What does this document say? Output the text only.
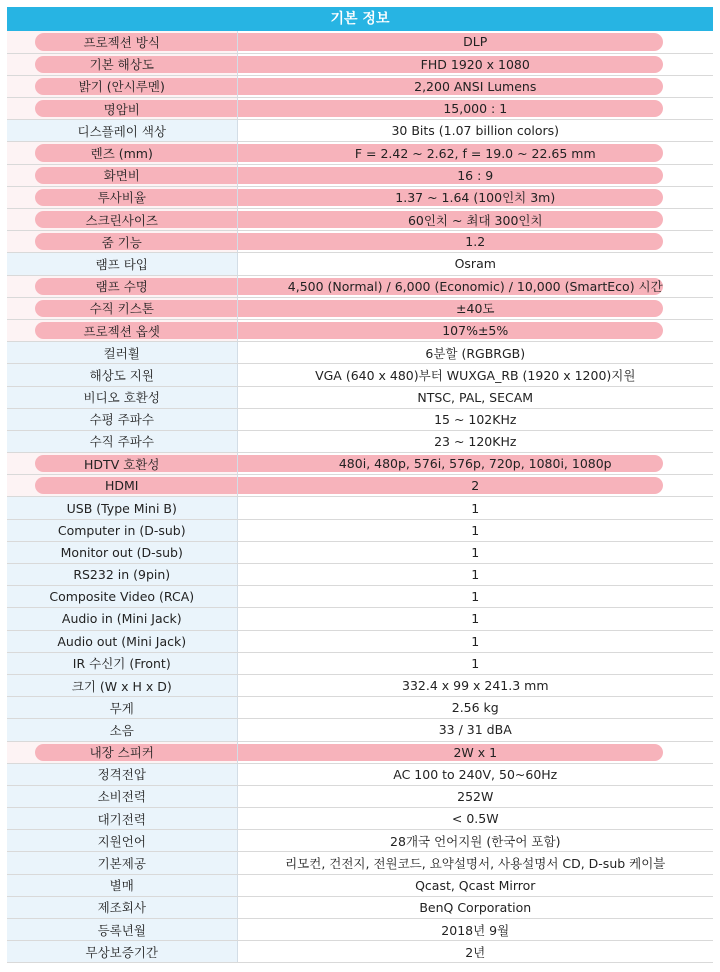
기본 정보
프로젝션 방식	DLP

기본 해상도	FHD 1920 x 1080

밝기 (안시루멘)	2,200 ANSI Lumens

명암비	15,000 : 1
디스플레이 색상	30 Bits (1.07 billion colors)

렌즈 (mm)	F = 2.42 ~ 2.62, f = 19.0 ~ 22.65 mm

화면비	16 : 9

투사비율	1.37 ~ 1.64 (100인치 3m)

스크린사이즈	60인치 ~ 최대 300인치

줌 기능	1.2
램프 타입	Osram

램프 수명	4,500 (Normal) / 6,000 (Economic) / 10,000 (SmartEco) 시간

수직 키스톤	±40도

프로젝션 옵셋	107%±5%
컬러휠	6분할 (RGBRGB)
해상도 지원	VGA (640 x 480)부터 WUXGA_RB (1920 x 1200)지원
비디오 호환성	NTSC, PAL, SECAM
수평 주파수	15 ~ 102KHz
수직 주파수	23 ~ 120KHz

HDTV 호환성	480i, 480p, 576i, 576p, 720p, 1080i, 1080p

HDMI	2
USB (Type Mini B)	1
Computer in (D-sub)	1
Monitor out (D-sub)	1
RS232 in (9pin)	1
Composite Video (RCA)	1
Audio in (Mini Jack)	1
Audio out (Mini Jack)	1
IR 수신기 (Front)	1
크기 (W x H x D)	332.4 x 99 x 241.3 mm
무게	2.56 kg
소음	33 / 31 dBA

내장 스피커	2W x 1
정격전압	AC 100 to 240V, 50~60Hz
소비전력	252W
대기전력	< 0.5W
지원언어	28개국 언어지원 (한국어 포함)
기본제공	리모컨, 건전지, 전원코드, 요약설명서, 사용설명서 CD, D-sub 케이블
별매	Qcast, Qcast Mirror
제조회사	BenQ Corporation
등록년월	2018년 9월
무상보증기간	2년
